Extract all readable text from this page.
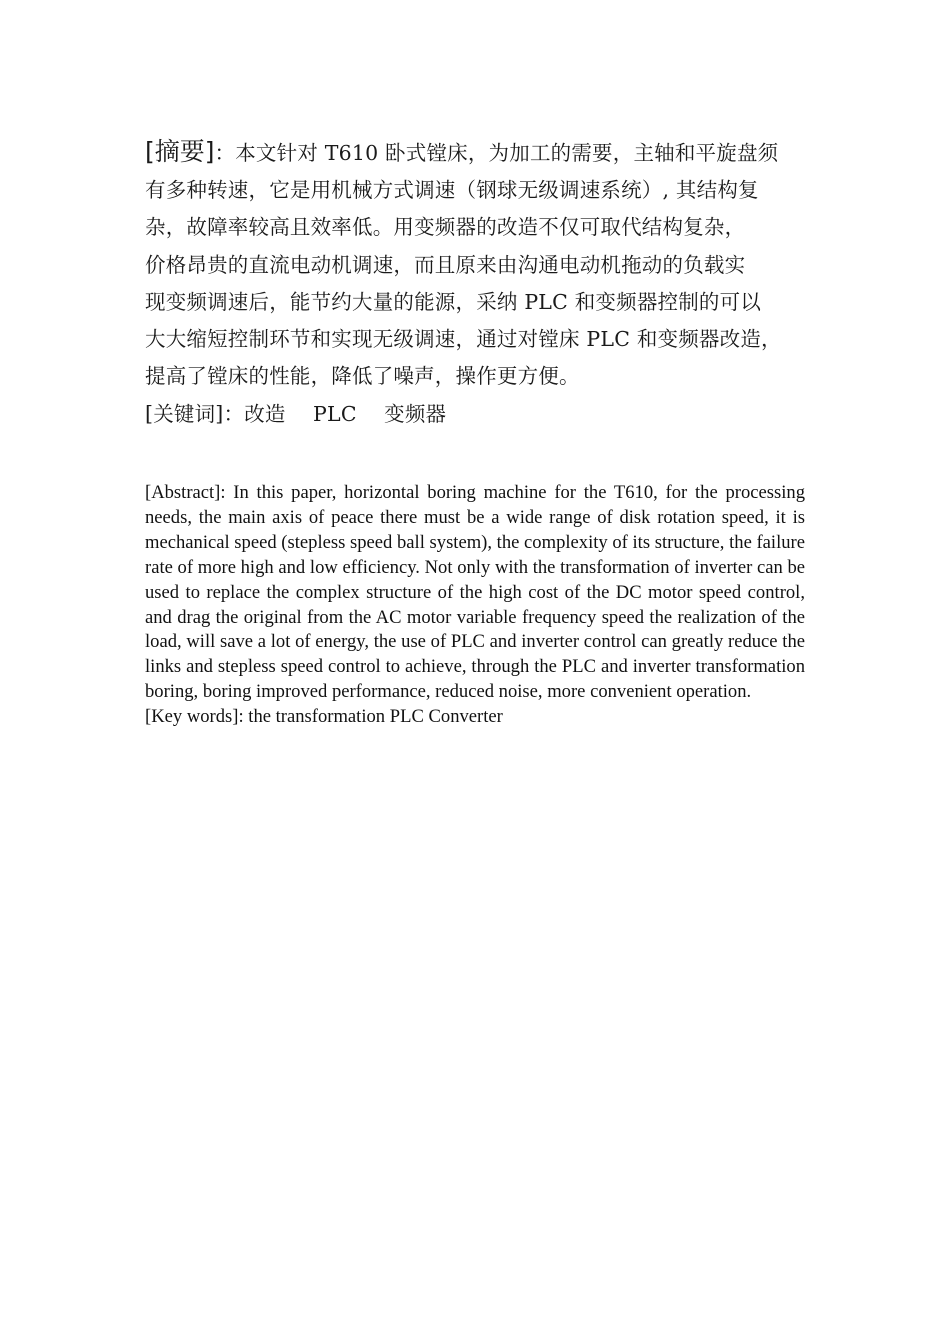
[摘要]：本文针对 T610 卧式镗床，为加工的需要，主轴和平旋盘须
有多种转速，它是用机械方式调速（钢球无级调速系统）, 其结构复
杂，故障率较高且效率低。用变频器的改造不仅可取代结构复杂，
价格昂贵的直流电动机调速，而且原来由沟通电动机拖动的负载实
现变频调速后，能节约大量的能源，采纳 PLC 和变频器控制的可以
大大缩短控制环节和实现无级调速，通过对镗床 PLC 和变频器改造，
提高了镗床的性能，降低了噪声，操作更方便。
[关键词]：改造　 PLC 　变频器

[Abstract]: In this paper, horizontal boring machine for the T610, for the processing needs, the main axis of peace there must be a wide range of disk rotation speed, it is mechanical speed (stepless speed ball system), the complexity of its structure, the failure rate of more high and low efficiency. Not only with the transformation of inverter can be used to replace the complex structure of the high cost of the DC motor speed control, and drag the original from the AC motor variable frequency speed the realization of the load, will save a lot of energy, the use of PLC and inverter control can greatly reduce the links and stepless speed control to achieve, through the PLC and inverter transformation boring, boring improved performance, reduced noise, more convenient operation.

[Key words]: the transformation PLC Converter
